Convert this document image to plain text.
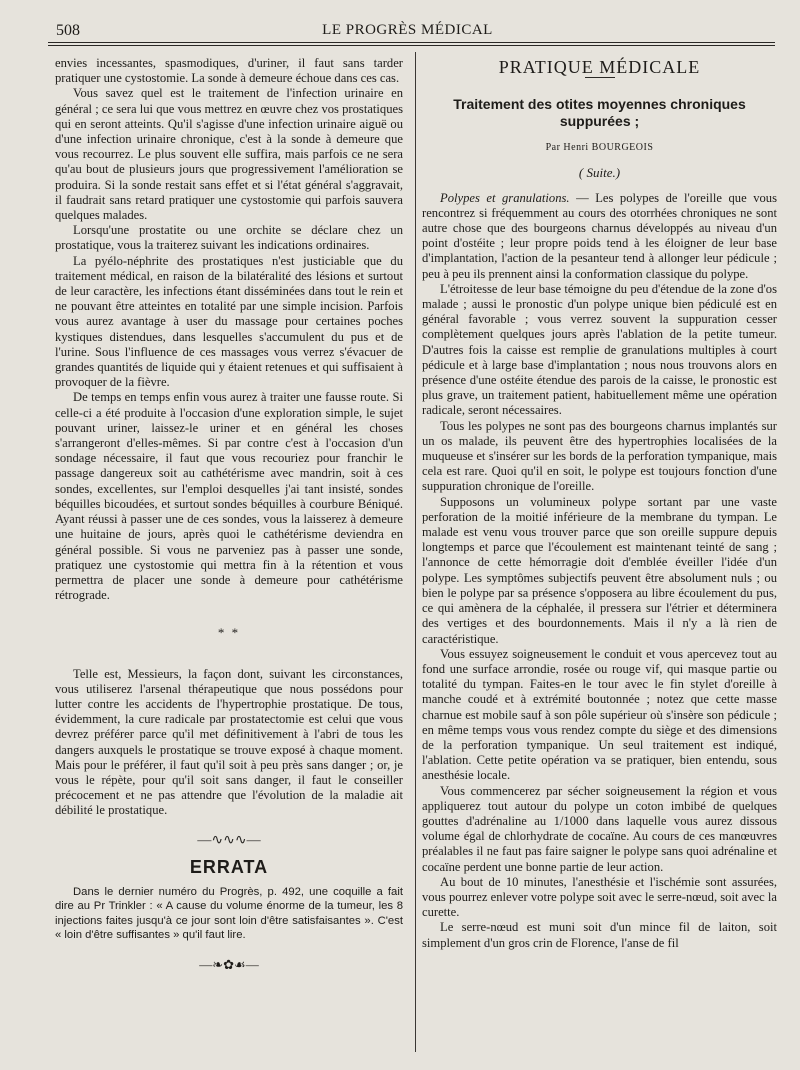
508	LE PROGRÈS MÉDICAL

envies incessantes, spasmodiques, d'uriner, il faut sans tarder pratiquer une cystostomie. La sonde à demeure échoue dans ces cas.

Vous savez quel est le traitement de l'infection urinaire en général ; ce sera lui que vous mettrez en œuvre chez vos prostatiques qui en seront atteints. Qu'il s'agisse d'une infection urinaire aiguë ou d'une infection urinaire chronique, c'est à la sonde à demeure que vous recourrez. Le plus souvent elle suffira, mais parfois ce ne sera qu'au bout de plusieurs jours que progressivement l'amélioration se produira. Si la sonde restait sans effet et si l'état général s'aggravait, il faudrait sans retard pratiquer une cystostomie qui parfois sauvera quelques malades.

Lorsqu'une prostatite ou une orchite se déclare chez un prostatique, vous la traiterez suivant les indications ordinaires.

La pyélo-néphrite des prostatiques n'est justiciable que du traitement médical, en raison de la bilatéralité des lésions et surtout de leur caractère, les infections étant disséminées dans tout le rein et ne pouvant être atteintes en totalité par une simple incision. Parfois vous aurez avantage à user du massage pour certaines poches kystiques distendues, dans lesquelles s'accumulent du pus et de l'urine. Sous l'influence de ces massages vous verrez s'évacuer de grandes quantités de liquide qui y étaient retenues et qui suffisaient à provoquer de la fièvre.

De temps en temps enfin vous aurez à traiter une fausse route. Si celle-ci a été produite à l'occasion d'une exploration simple, le sujet pouvant uriner, laissez-le uriner et en général les choses s'arrangeront d'elles-mêmes. Si par contre c'est à l'occasion d'un sondage nécessaire, il faut que vous recouriez pour franchir le passage dangereux soit au cathétérisme avec mandrin, soit à ces sondes, excellentes, sur l'emploi desquelles j'ai tant insisté, sondes béquilles bicoudées, et surtout sondes béquilles à courbure Béniqué. Ayant réussi à passer une de ces sondes, vous la laisserez à demeure une huitaine de jours, après quoi le cathétérisme deviendra en général possible. Si vous ne parveniez pas à passer une sonde, pratiquez une cystostomie qui mettra fin à la rétention et vous permettra de placer une sonde à demeure pour cathétérisme rétrograde.

* *

Telle est, Messieurs, la façon dont, suivant les circonstances, vous utiliserez l'arsenal thérapeutique que nous possédons pour lutter contre les accidents de l'hypertrophie prostatique. De tous, évidemment, la cure radicale par prostatectomie est celui que vous devrez préférer parce qu'il met définitivement à l'abri de tous les dangers auxquels le prostatique se trouve exposé à chaque moment. Mais pour le préférer, il faut qu'il soit à peu près sans danger ; or, je vous le répète, pour qu'il soit sans danger, il faut le conseiller précocement et ne pas attendre que l'évolution de la maladie ait débilité le prostatique.

—∿∿∿—
ERRATA

Dans le dernier numéro du Progrès, p. 492, une coquille a fait dire au Pr Trinkler : « A cause du volume énorme de la tumeur, les 8 injections faites jusqu'à ce jour sont loin d'être satisfaisantes ». C'est « loin d'être suffisantes » qu'il faut lire.

—❧✿☙—
PRATIQUE MÉDICALE
Traitement des otites moyennes chroniques suppurées ;
Par Henri BOURGEOIS
( Suite.)

Polypes et granulations. — Les polypes de l'oreille que vous rencontrez si fréquemment au cours des otorrhées chroniques ne sont autre chose que des bourgeons charnus développés au niveau d'un point d'ostéite ; leur propre poids tend à les éloigner de leur base d'implantation, l'action de la pesanteur tend à allonger leur pédicule ; peu à peu ils prennent ainsi la conformation classique du polype.

L'étroitesse de leur base témoigne du peu d'étendue de la zone d'os malade ; aussi le pronostic d'un polype unique bien pédiculé est en général favorable ; vous verrez souvent la suppuration cesser complètement quelques jours après l'ablation de la petite tumeur. D'autres fois la caisse est remplie de granulations multiples à court pédicule et à large base d'implantation ; nous nous trouvons alors en présence d'une ostéite étendue des parois de la caisse, le pronostic est plus grave, un traitement patient, habituellement même une opération radicale, seront nécessaires.

Tous les polypes ne sont pas des bourgeons charnus implantés sur un os malade, ils peuvent être des hypertrophies localisées de la muqueuse et s'insérer sur les bords de la perforation tympanique, mais cela est rare. Quoi qu'il en soit, le polype est toujours fonction d'une suppuration chronique de l'oreille.

Supposons un volumineux polype sortant par une vaste perforation de la moitié inférieure de la membrane du tympan. Le malade est venu vous trouver parce que son oreille suppure depuis longtemps et parce que l'écoulement est maintenant teinté de sang ; l'annonce de cette hémorragie doit d'emblée éveiller l'idée d'un polype. Les symptômes subjectifs peuvent être absolument nuls ; ou bien le polype par sa présence s'opposera au libre écoulement du pus, ce qui amènera de la céphalée, il pressera sur l'étrier et déterminera des vertiges et des bourdonnements. Mais il n'y a là rien de caractéristique.

Vous essuyez soigneusement le conduit et vous apercevez tout au fond une surface arrondie, rosée ou rouge vif, qui masque partie ou totalité du tympan. Faites-en le tour avec le fin stylet d'oreille à manche coudé et à extrémité boutonnée ; notez que cette masse charnue est mobile sauf à son pôle supérieur où s'insère son pédicule ; en même temps vous vous rendez compte du siège et des dimensions de la perforation tympanique. Un seul traitement est indiqué, l'ablation. Cette petite opération va se pratiquer, bien entendu, sous anesthésie locale.

Vous commencerez par sécher soigneusement la région et vous appliquerez tout autour du polype un coton imbibé de quelques gouttes d'adrénaline au 1/1000 dans laquelle vous aurez dissous volume égal de chlorhydrate de cocaïne. Au cours de ces manœuvres préalables il ne faut pas faire saigner le polype sans quoi adrénaline et cocaïne perdent une bonne partie de leur action.

Au bout de 10 minutes, l'anesthésie et l'ischémie sont assurées, vous pourrez enlever votre polype soit avec le serre-nœud, soit avec la curette.

Le serre-nœud est muni soit d'un mince fil de laiton, soit simplement d'un gros crin de Florence, l'anse de fil
